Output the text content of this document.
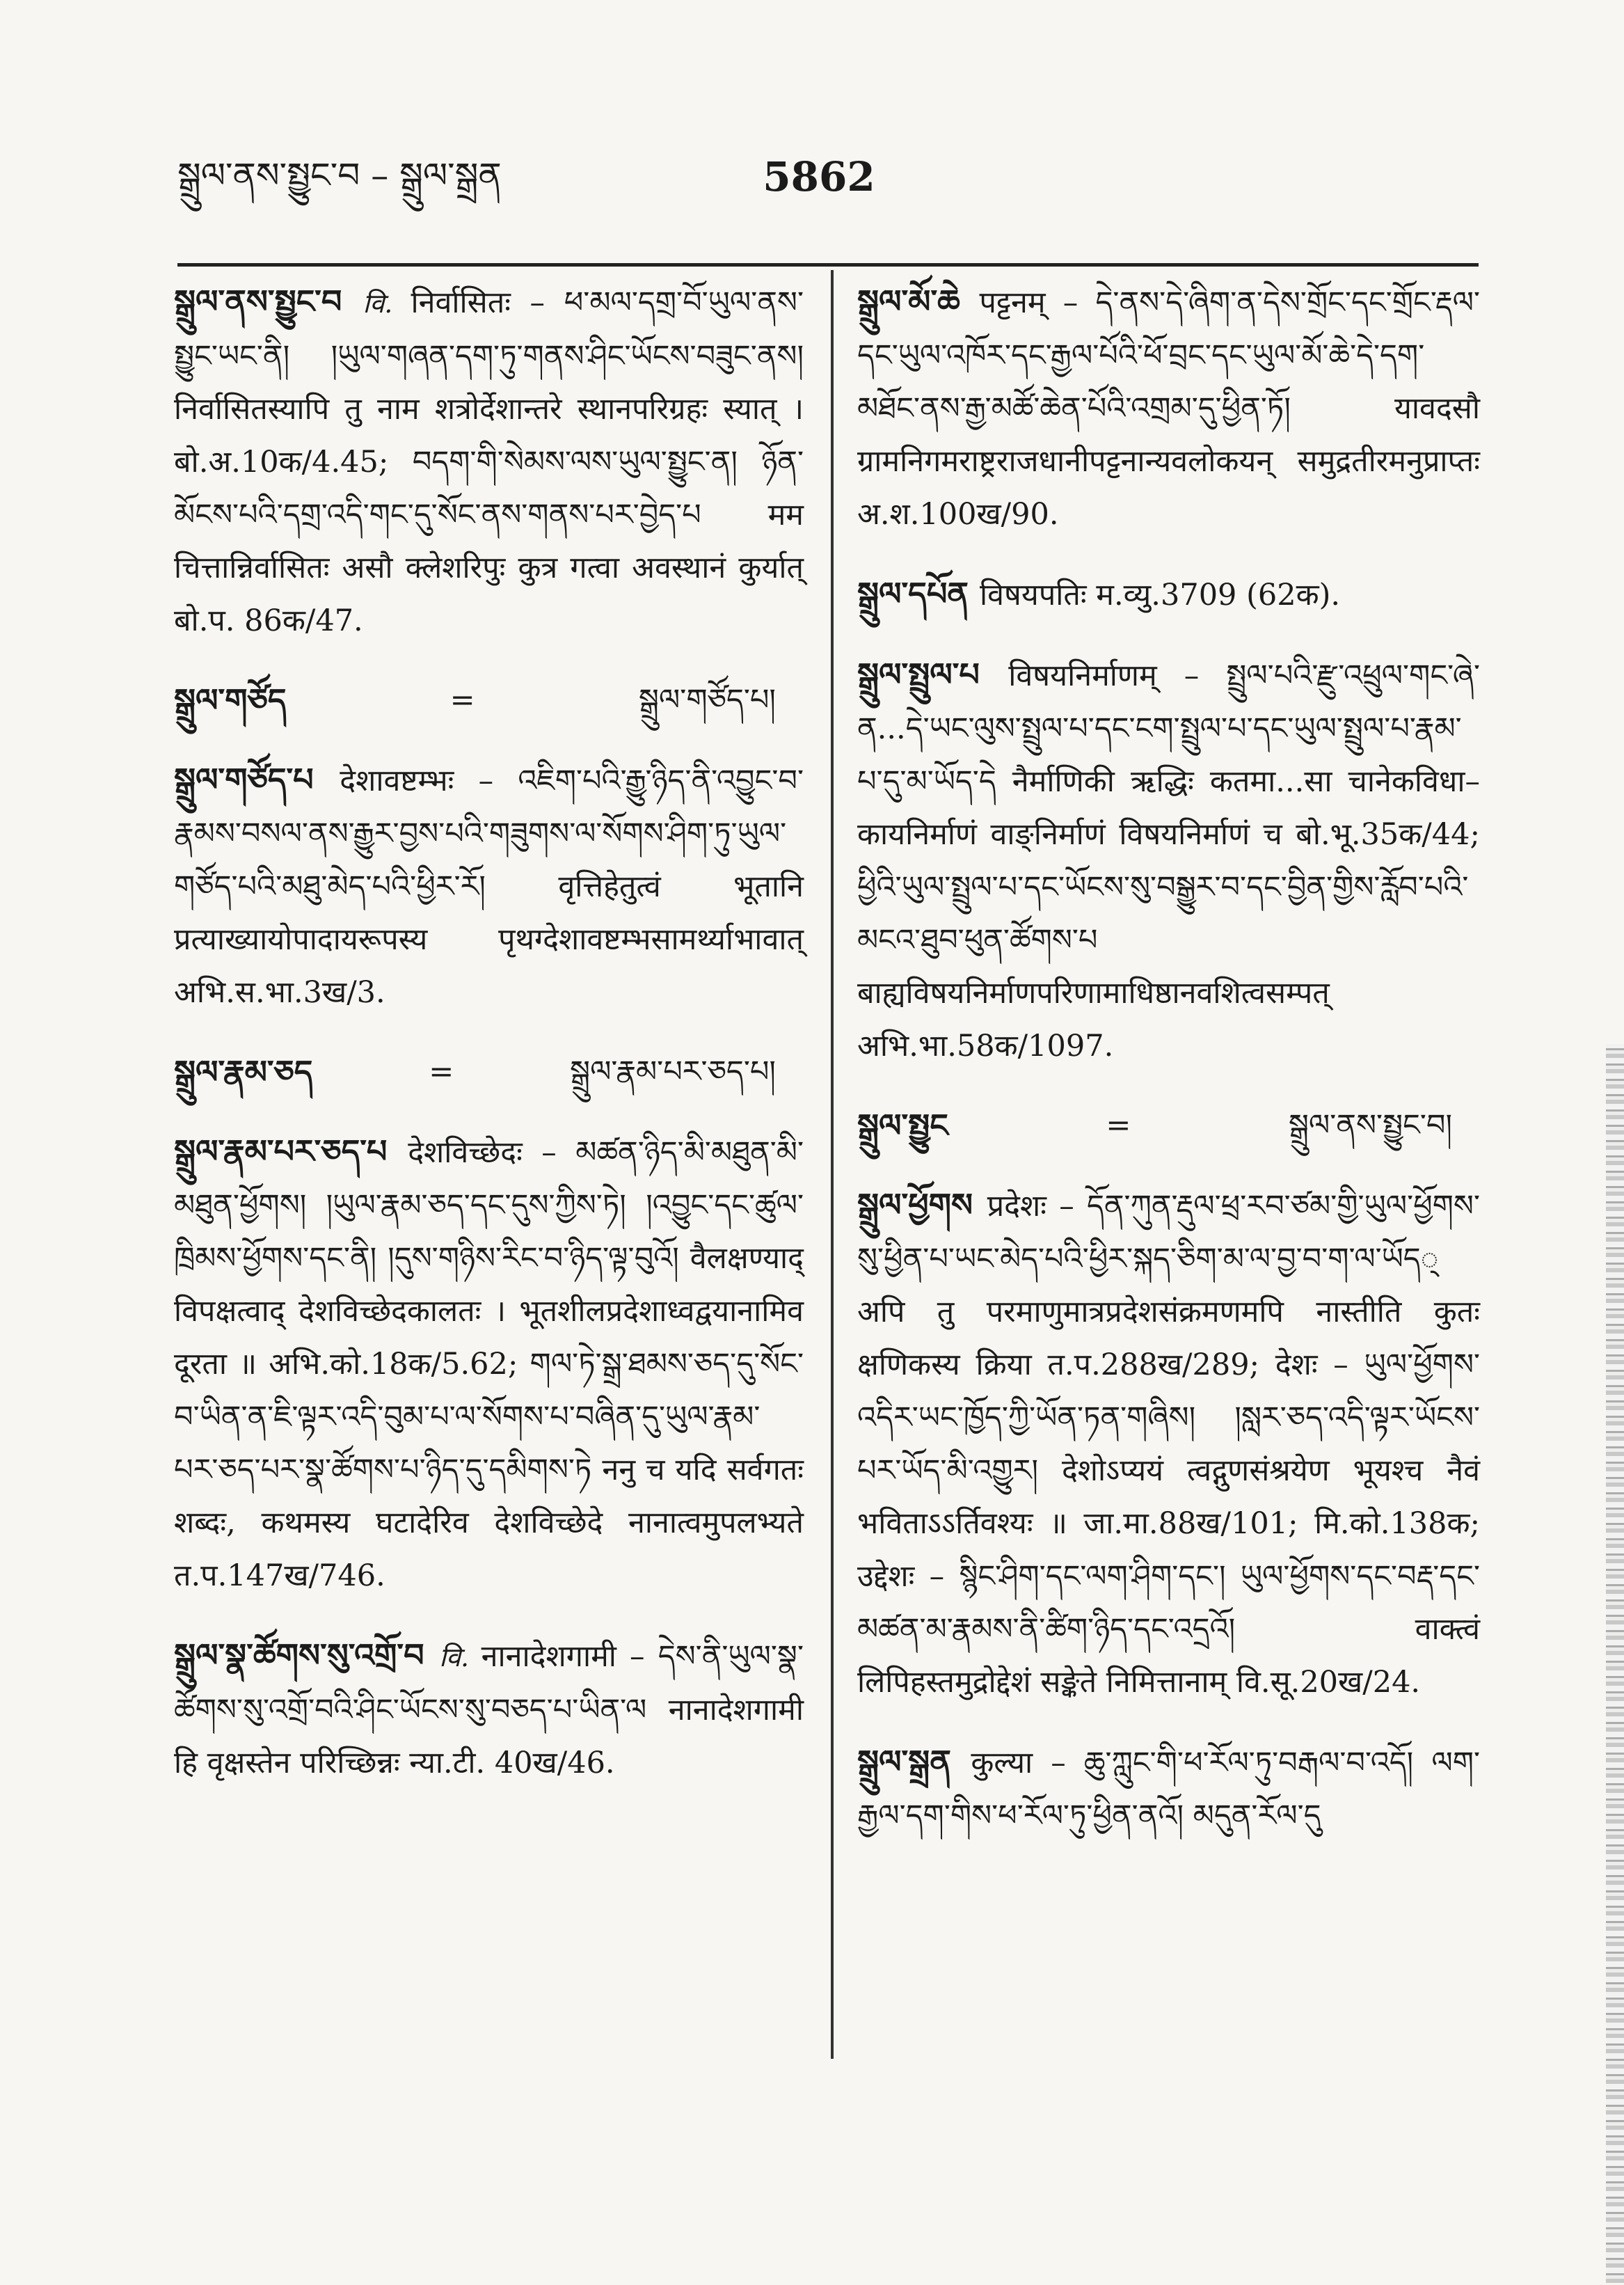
སྒྲུལ་ནས་སྤྱུང་བ – སྒྲུལ་སྒྲན	5862
སྒྲུལ་ནས་སྤྱུང་བ वि. निर्वासितः – ཕ་མལ་དགྲ་བོ་ཡུལ་ནས་སྤྱུང་ཡང་ནི། །ཡུལ་གཞན་དག་ཏུ་གནས་ཤིང་ཡོངས་བཟུང་ནས། निर्वासितस्यापि तु नाम शत्रोर्देशान्तरे स्थानपरिग्रहः स्यात् । बो.अ.10क/4.45; བདག་གི་སེམས་ལས་ཡུལ་སྤྱུང་ན། ཉོན་མོངས་པའི་དགྲ་འདི་གང་དུ་སོང་ནས་གནས་པར་བྱེད་པ मम चित्तान्निर्वासितः असौ क्लेशरिपुः कुत्र गत्वा अवस्थानं कुर्यात् बो.प. 86क/47.
སྒྲུལ་གཙོད	=	སྒྲུལ་གཙོད་པ།
སྒྲུལ་གཙོད་པ देशावष्टम्भः – འཇིག་པའི་རྒྱུ་ཉིད་ནི་འབྱུང་བ་རྣམས་བསལ་ནས་རྒྱུར་བྱས་པའི་གཟུགས་ལ་སོགས་ཤིག་ཏུ་ཡུལ་གཙོད་པའི་མཐུ་མེད་པའི་ཕྱིར་རོ། वृत्तिहेतुत्वं भूतानि प्रत्याख्यायोपादायरूपस्य पृथग्देशावष्टम्भसामर्थ्याभावात् अभि.स.भा.3ख/3.
སྒྲུལ་རྣམ་ཅད	=	སྒྲུལ་རྣམ་པར་ཅད་པ།
སྒྲུལ་རྣམ་པར་ཅད་པ देशविच्छेदः – མཚན་ཉིད་མི་མཐུན་མི་མཐུན་ཕྱོགས། །ཡུལ་རྣམ་ཅད་དང་དུས་ཀྱིས་ཏེ། །འབྱུང་དང་ཚུལ་ཁྲིམས་ཕྱོགས་དང་ནི། །དུས་གཉིས་རིང་བ་ཉིད་ལྟ་བུའོ། वैलक्षण्याद् विपक्षत्वाद् देशविच्छेदकालतः । भूतशीलप्रदेशाध्वद्वयानामिव दूरता ॥ अभि.को.18क/5.62; གལ་ཏེ་སྒྲ་ཐམས་ཅད་དུ་སོང་བ་ཡིན་ན་ཇི་ལྟར་འདི་བུམ་པ་ལ་སོགས་པ་བཞིན་དུ་ཡུལ་རྣམ་པར་ཅད་པར་སྣ་ཚོགས་པ་ཉིད་དུ་དམིགས་ཏེ ननु च यदि सर्वगतः शब्दः, कथमस्य घटादेरिव देशविच्छेदे नानात्वमुपलभ्यते त.प.147ख/746.
སྒྲུལ་སྣ་ཚོགས་སུ་འགྲོ་བ वि. नानादेशगामी – དེས་ནི་ཡུལ་སྣ་ཚོགས་སུ་འགྲོ་བའི་ཤིང་ཡོངས་སུ་བཅད་པ་ཡིན་ལ नानादेशगामी हि वृक्षस्तेन परिच्छिन्नः न्या.टी. 40ख/46.
སྒྲུལ་མོ་ཆེ पट्टनम् – དེ་ནས་དེ་ཞིག་ན་དེས་གྲོང་དང་གྲོང་རྡལ་དང་ཡུལ་འཁོར་དང་རྒྱལ་པོའི་ཕོ་བྲང་དང་ཡུལ་མོ་ཆེ་དེ་དག་མཐོང་ནས་རྒྱ་མཚོ་ཆེན་པོའི་འགྲམ་དུ་ཕྱིན་ཏོ། यावदसौ ग्रामनिगमराष्ट्रराजधानीपट्टनान्यवलोकयन् समुद्रतीरमनुप्राप्तः अ.श.100ख/90.
སྒྲུལ་དཔོན विषयपतिः म.व्यु.3709 (62क).
སྒྲུལ་སྤྲུལ་པ विषयनिर्माणम् – སྤྲུལ་པའི་རྫུ་འཕྲུལ་གང་ཞེ་ན...དེ་ཡང་ལུས་སྤྲུལ་པ་དང་ངག་སྤྲུལ་པ་དང་ཡུལ་སྤྲུལ་པ་རྣམ་པ་དུ་མ་ཡོད་དེ नैर्माणिकी ऋद्धिः कतमा...सा चानेकविधा–कायनिर्माणं वाङ्निर्माणं विषयनिर्माणं च बो.भू.35क/44; ཕྱིའི་ཡུལ་སྤྲུལ་པ་དང་ཡོངས་སུ་བསྒྱུར་བ་དང་བྱིན་གྱིས་རློབ་པའི་མངའ་ཐུབ་ཕུན་ཚོགས་པ बाह्यविषयनिर्माणपरिणामाधिष्ठानवशित्वसम्पत् अभि.भा.58क/1097.
སྒྲུལ་སྤྱུང	=	སྒྲུལ་ནས་སྤྱུང་བ།
སྒྲུལ་ཕྱོགས प्रदेशः – དོན་ཀུན་རྡུལ་ཕྲ་རབ་ཙམ་གྱི་ཡུལ་ཕྱོགས་སུ་ཕྱིན་པ་ཡང་མེད་པའི་ཕྱིར་སྐད་ཅིག་མ་ལ་བྱ་བ་ག་ལ་ཡོད् अपि तु परमाणुमात्रप्रदेशसंक्रमणमपि नास्तीति कुतः क्षणिकस्य क्रिया त.प.288ख/289; देशः – ཡུལ་ཕྱོགས་འདིར་ཡང་ཁྱོད་ཀྱི་ཡོན་ཏན་གཞིས། །སླར་ཅད་འདི་ལྟར་ཡོངས་པར་ཡོད་མི་འགྱུར། देशोऽप्ययं त्वद्गुणसंश्रयेण भूयश्च नैवं भविताऽऽर्तिवश्यः ॥ जा.मा.88ख/101; मि.को.138क; उद्देशः – སྙིང་ཤིག་དང་ལག་ཤིག་དང་། ཡུལ་ཕྱོགས་དང་བརྡ་དང་མཚན་མ་རྣམས་ནི་ཚིག་ཉིད་དང་འདྲའོ། वाक्त्वं लिपिहस्तमुद्रोद्देशं सङ्केते निमित्तानाम् वि.सू.20ख/24.
སྒྲུལ་སྒྲན कुल्या – ཆུ་ཀླུང་གི་ཕ་རོལ་ཏུ་བརྒལ་བ་འདོ། ལག་རྒྱལ་དག་གིས་ཕ་རོལ་ཏུ་ཕྱིན་ནའོ། མདུན་རོལ་དུ
